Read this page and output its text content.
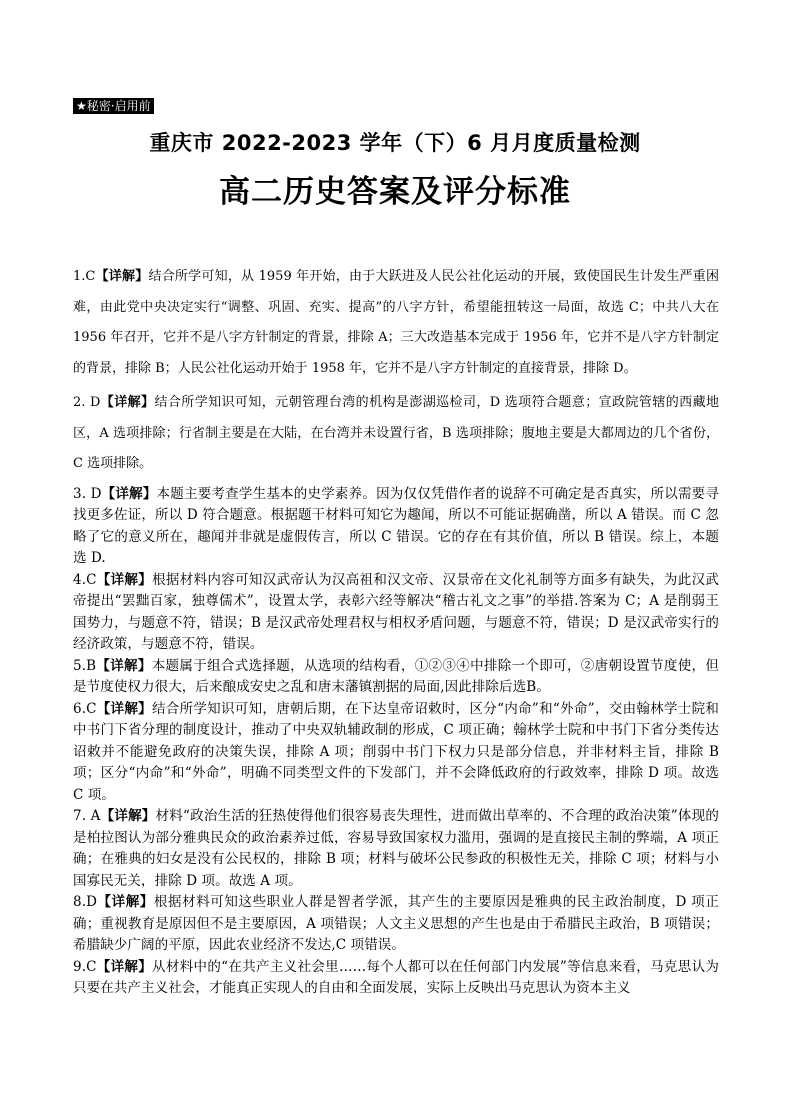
★秘密·启用前
重庆市 2022-2023 学年（下）6 月月度质量检测
高二历史答案及评分标准

1.C【详解】结合所学可知，从 1959 年开始，由于大跃进及人民公社化运动的开展，致使国民生计发生严重困难，由此党中央决定实行“调整、巩固、充实、提高”的八字方针，希望能扭转这一局面，故选 C；中共八大在 1956 年召开，它并不是八字方针制定的背景，排除 A；三大改造基本完成于 1956 年，它并不是八字方针制定的背景，排除 B；人民公社化运动开始于 1958 年，它并不是八字方针制定的直接背景，排除 D。

2. D【详解】结合所学知识可知，元朝管理台湾的机构是澎湖巡检司，D 选项符合题意；宣政院管辖的西藏地区，A 选项排除；行省制主要是在大陆，在台湾并未设置行省，B 选项排除；腹地主要是大都周边的几个省份，C 选项排除。

3. D【详解】本题主要考查学生基本的史学素养。因为仅仅凭借作者的说辞不可确定是否真实，所以需要寻找更多佐证，所以 D 符合题意。根据题干材料可知它为趣闻，所以不可能证据确凿，所以 A 错误。而 C 忽略了它的意义所在，趣闻并非就是虚假传言，所以 C 错误。它的存在有其价值，所以 B 错误。综上，本题选 D.

4.C【详解】根据材料内容可知汉武帝认为汉高祖和汉文帝、汉景帝在文化礼制等方面多有缺失，为此汉武帝提出“罢黜百家，独尊儒术”，设置太学，表彰六经等解决“稽古礼文之事”的举措.答案为 C；A 是削弱王国势力，与题意不符，错误；B 是汉武帝处理君权与相权矛盾问题，与题意不符，错误；D 是汉武帝实行的经济政策，与题意不符，错误。

5.B【详解】本题属于组合式选择题，从选项的结构看，①②③④中排除一个即可，②唐朝设置节度使，但是节度使权力很大，后来酿成安史之乱和唐末藩镇割据的局面,因此排除后选B。

6.C【详解】结合所学知识可知，唐朝后期，在下达皇帝诏敕时，区分“内命”和“外命”，交由翰林学士院和中书门下省分理的制度设计，推动了中央双轨辅政制的形成，C 项正确；翰林学士院和中书门下省分类传达诏敕并不能避免政府的决策失误，排除 A 项；削弱中书门下权力只是部分信息，并非材料主旨，排除 B 项；区分“内命”和“外命”，明确不同类型文件的下发部门，并不会降低政府的行政效率，排除 D 项。故选 C 项。

7. A【详解】材料“政治生活的狂热使得他们很容易丧失理性，进而做出草率的、不合理的政治决策”体现的是柏拉图认为部分雅典民众的政治素养过低，容易导致国家权力滥用，强调的是直接民主制的弊端，A 项正确；在雅典的妇女是没有公民权的，排除 B 项；材料与破坏公民参政的积极性无关，排除 C 项；材料与小国寡民无关，排除 D 项。故选 A 项。

8.D【详解】根据材料可知这些职业人群是智者学派，其产生的主要原因是雅典的民主政治制度，D 项正确；重视教育是原因但不是主要原因，A 项错误；人文主义思想的产生也是由于希腊民主政治，B 项错误；希腊缺少广阔的平原，因此农业经济不发达,C 项错误。

9.C【详解】从材料中的“在共产主义社会里……每个人都可以在任何部门内发展”等信息来看，马克思认为只要在共产主义社会，才能真正实现人的自由和全面发展，实际上反映出马克思认为资本主义
